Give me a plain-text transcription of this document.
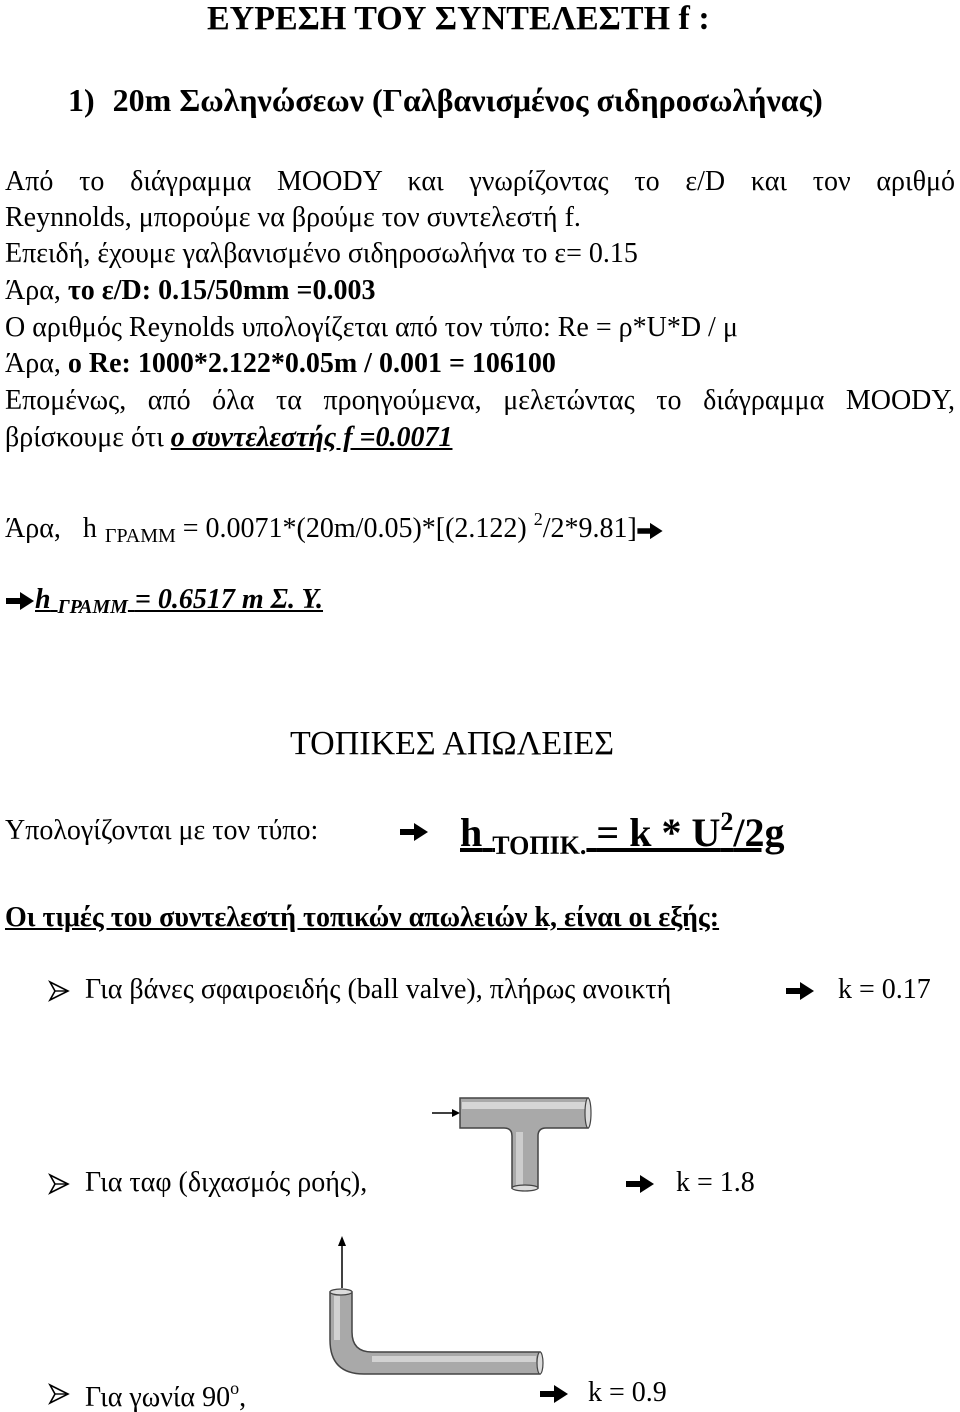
ΕΥΡΕΣΗ ΤΟΥ ΣΥΝΤΕΛΕΣΤΗ f :
1) 20m Σωληνώσεων (Γαλβανισμένος σιδηροσωλήνας)
Από το διάγραμμα MOODY και γνωρίζοντας το ε/D και τον αριθμό
Reynnolds, μπορούμε να βρούμε τον συντελεστή f.
Επειδή, έχουμε γαλβανισμένο σιδηροσωλήνα το ε= 0.15
Άρα, το ε/D: 0.15/50mm =0.003
Ο αριθμός Reynolds υπολογίζεται από τον τύπο: Re = ρ*U*D / μ
Άρα, ο Re: 1000*2.122*0.05m / 0.001 = 106100
Επομένως, από όλα τα προηγούμενα, μελετώντας το διάγραμμα MOODY,
βρίσκουμε ότι ο συντελεστής f =0.0071
Άρα, h $_{\Gamma PAMM}$ = 0.0071*(20m/0.05)*[(2.122) $^2$/2*9.81]
h $_{\Gamma PAMM}$ = 0.6517 m Σ. Υ.
ΤΟΠΙΚΕΣ ΑΠΩΛΕΙΕΣ
Υπολογίζονται με τον τύπο:	h $_{TO\Pi IK.} = k * U^2/2g$
Οι τιμές του συντελεστή τοπικών απωλειών k, είναι οι εξής:
Για βάνες σφαιροειδής (ball valve), πλήρως ανοικτή	k = 0.17
Για ταφ (διχασμός ροής),	k = 1.8
Για γωνία $90^o$,	k = 0.9
